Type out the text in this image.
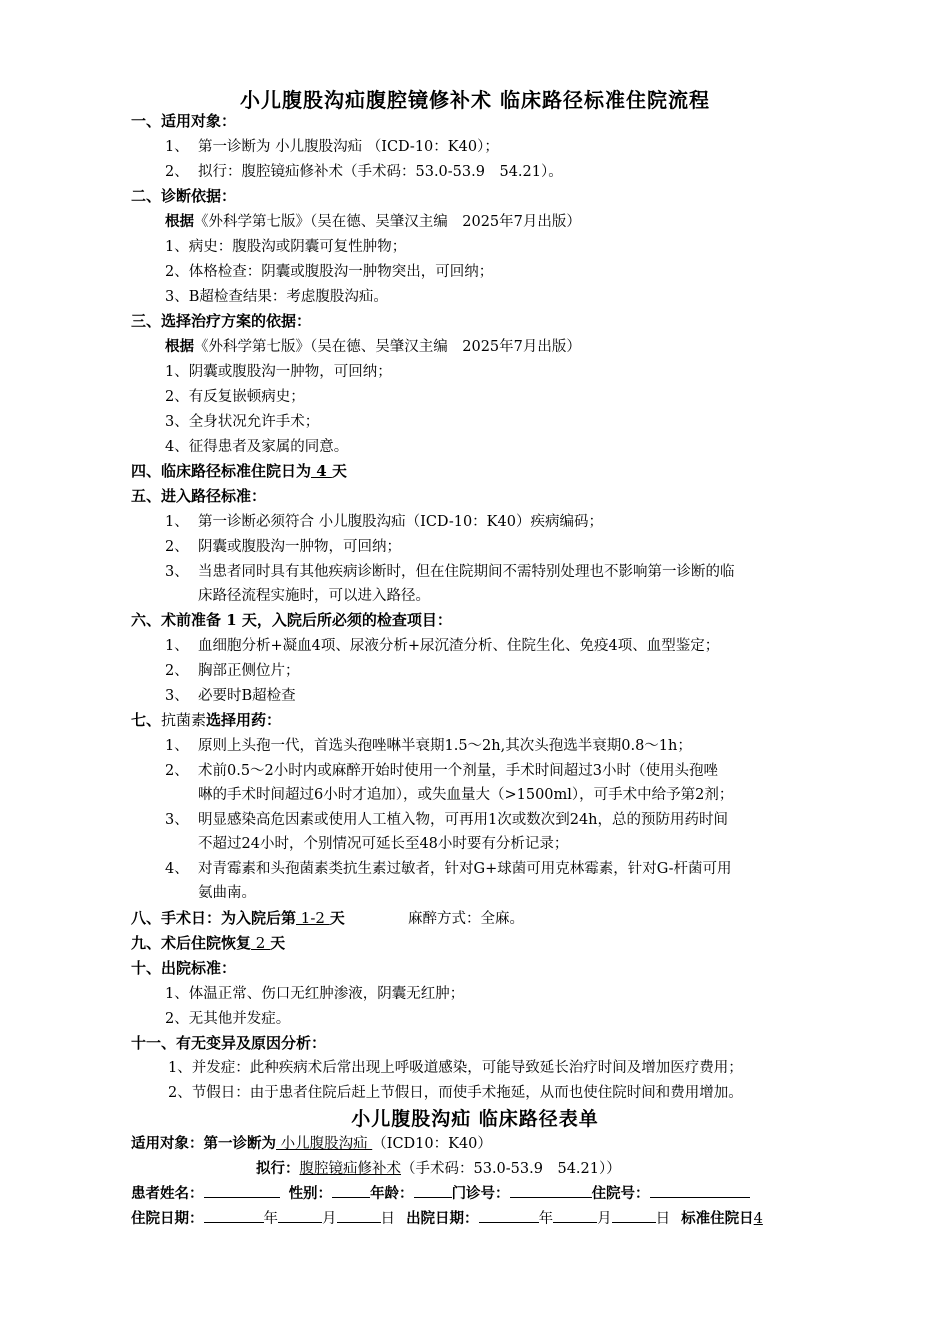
小儿腹股沟疝腹腔镜修补术 临床路径标准住院流程
一、适用对象：
1、 第一诊断为 小儿腹股沟疝 （ICD-10：K40）；
2、 拟行：腹腔镜疝修补术（手术码：53.0-53.9　54.21）。
二、诊断依据：
根据《外科学第七版》（吴在德、吴肇汉主编　2025年7月出版）
1、病史：腹股沟或阴囊可复性肿物；
2、体格检查：阴囊或腹股沟一肿物突出，可回纳；
3、B超检查结果：考虑腹股沟疝。
三、选择治疗方案的依据：
根据《外科学第七版》（吴在德、吴肇汉主编　2025年7月出版）
1、阴囊或腹股沟一肿物，可回纳；
2、有反复嵌顿病史；
3、全身状况允许手术；
4、征得患者及家属的同意。
四、临床路径标准住院日为 4 天
五、进入路径标准：
1、 第一诊断必须符合 小儿腹股沟疝（ICD-10：K40）疾病编码；
2、 阴囊或腹股沟一肿物，可回纳；
3、 当患者同时具有其他疾病诊断时，但在住院期间不需特别处理也不影响第一诊断的临
床路径流程实施时，可以进入路径。
六、术前准备 1 天，入院后所必须的检查项目：
1、 血细胞分析+凝血4项、尿液分析+尿沉渣分析、住院生化、免疫4项、血型鉴定；
2、 胸部正侧位片；
3、 必要时B超检查
七、抗菌素选择用药：
1、 原则上头孢一代，首选头孢唑啉半衰期1.5～2h,其次头孢选半衰期0.8～1h；
2、 术前0.5～2小时内或麻醉开始时使用一个剂量，手术时间超过3小时（使用头孢唑
啉的手术时间超过6小时才追加），或失血量大（>1500ml），可手术中给予第2剂；
3、 明显感染高危因素或使用人工植入物，可再用1次或数次到24h，总的预防用药时间
不超过24小时，个别情况可延长至48小时要有分析记录；
4、 对青霉素和头孢菌素类抗生素过敏者，针对G+球菌可用克林霉素，针对G-杆菌可用
氨曲南。
八、手术日：为入院后第 1-2 天	麻醉方式：全麻。
九、术后住院恢复 2 天
十、出院标准：
1、体温正常、伤口无红肿渗液，阴囊无红肿；
2、无其他并发症。
十一、有无变异及原因分析：
1、并发症：此种疾病术后常出现上呼吸道感染，可能导致延长治疗时间及增加医疗费用；
2、节假日：由于患者住院后赶上节假日，而使手术拖延，从而也使住院时间和费用增加。
小儿腹股沟疝 临床路径表单
适用对象：第一诊断为 小儿腹股沟疝 （ICD10：K40）
拟行：腹腔镜疝修补术（手术码：53.0-53.9　54.21））
患者姓名：	性别：	年龄：	门诊号：	住院号：
住院日期：	年	月	日 出院日期：	年	月	日 标准住院日4
